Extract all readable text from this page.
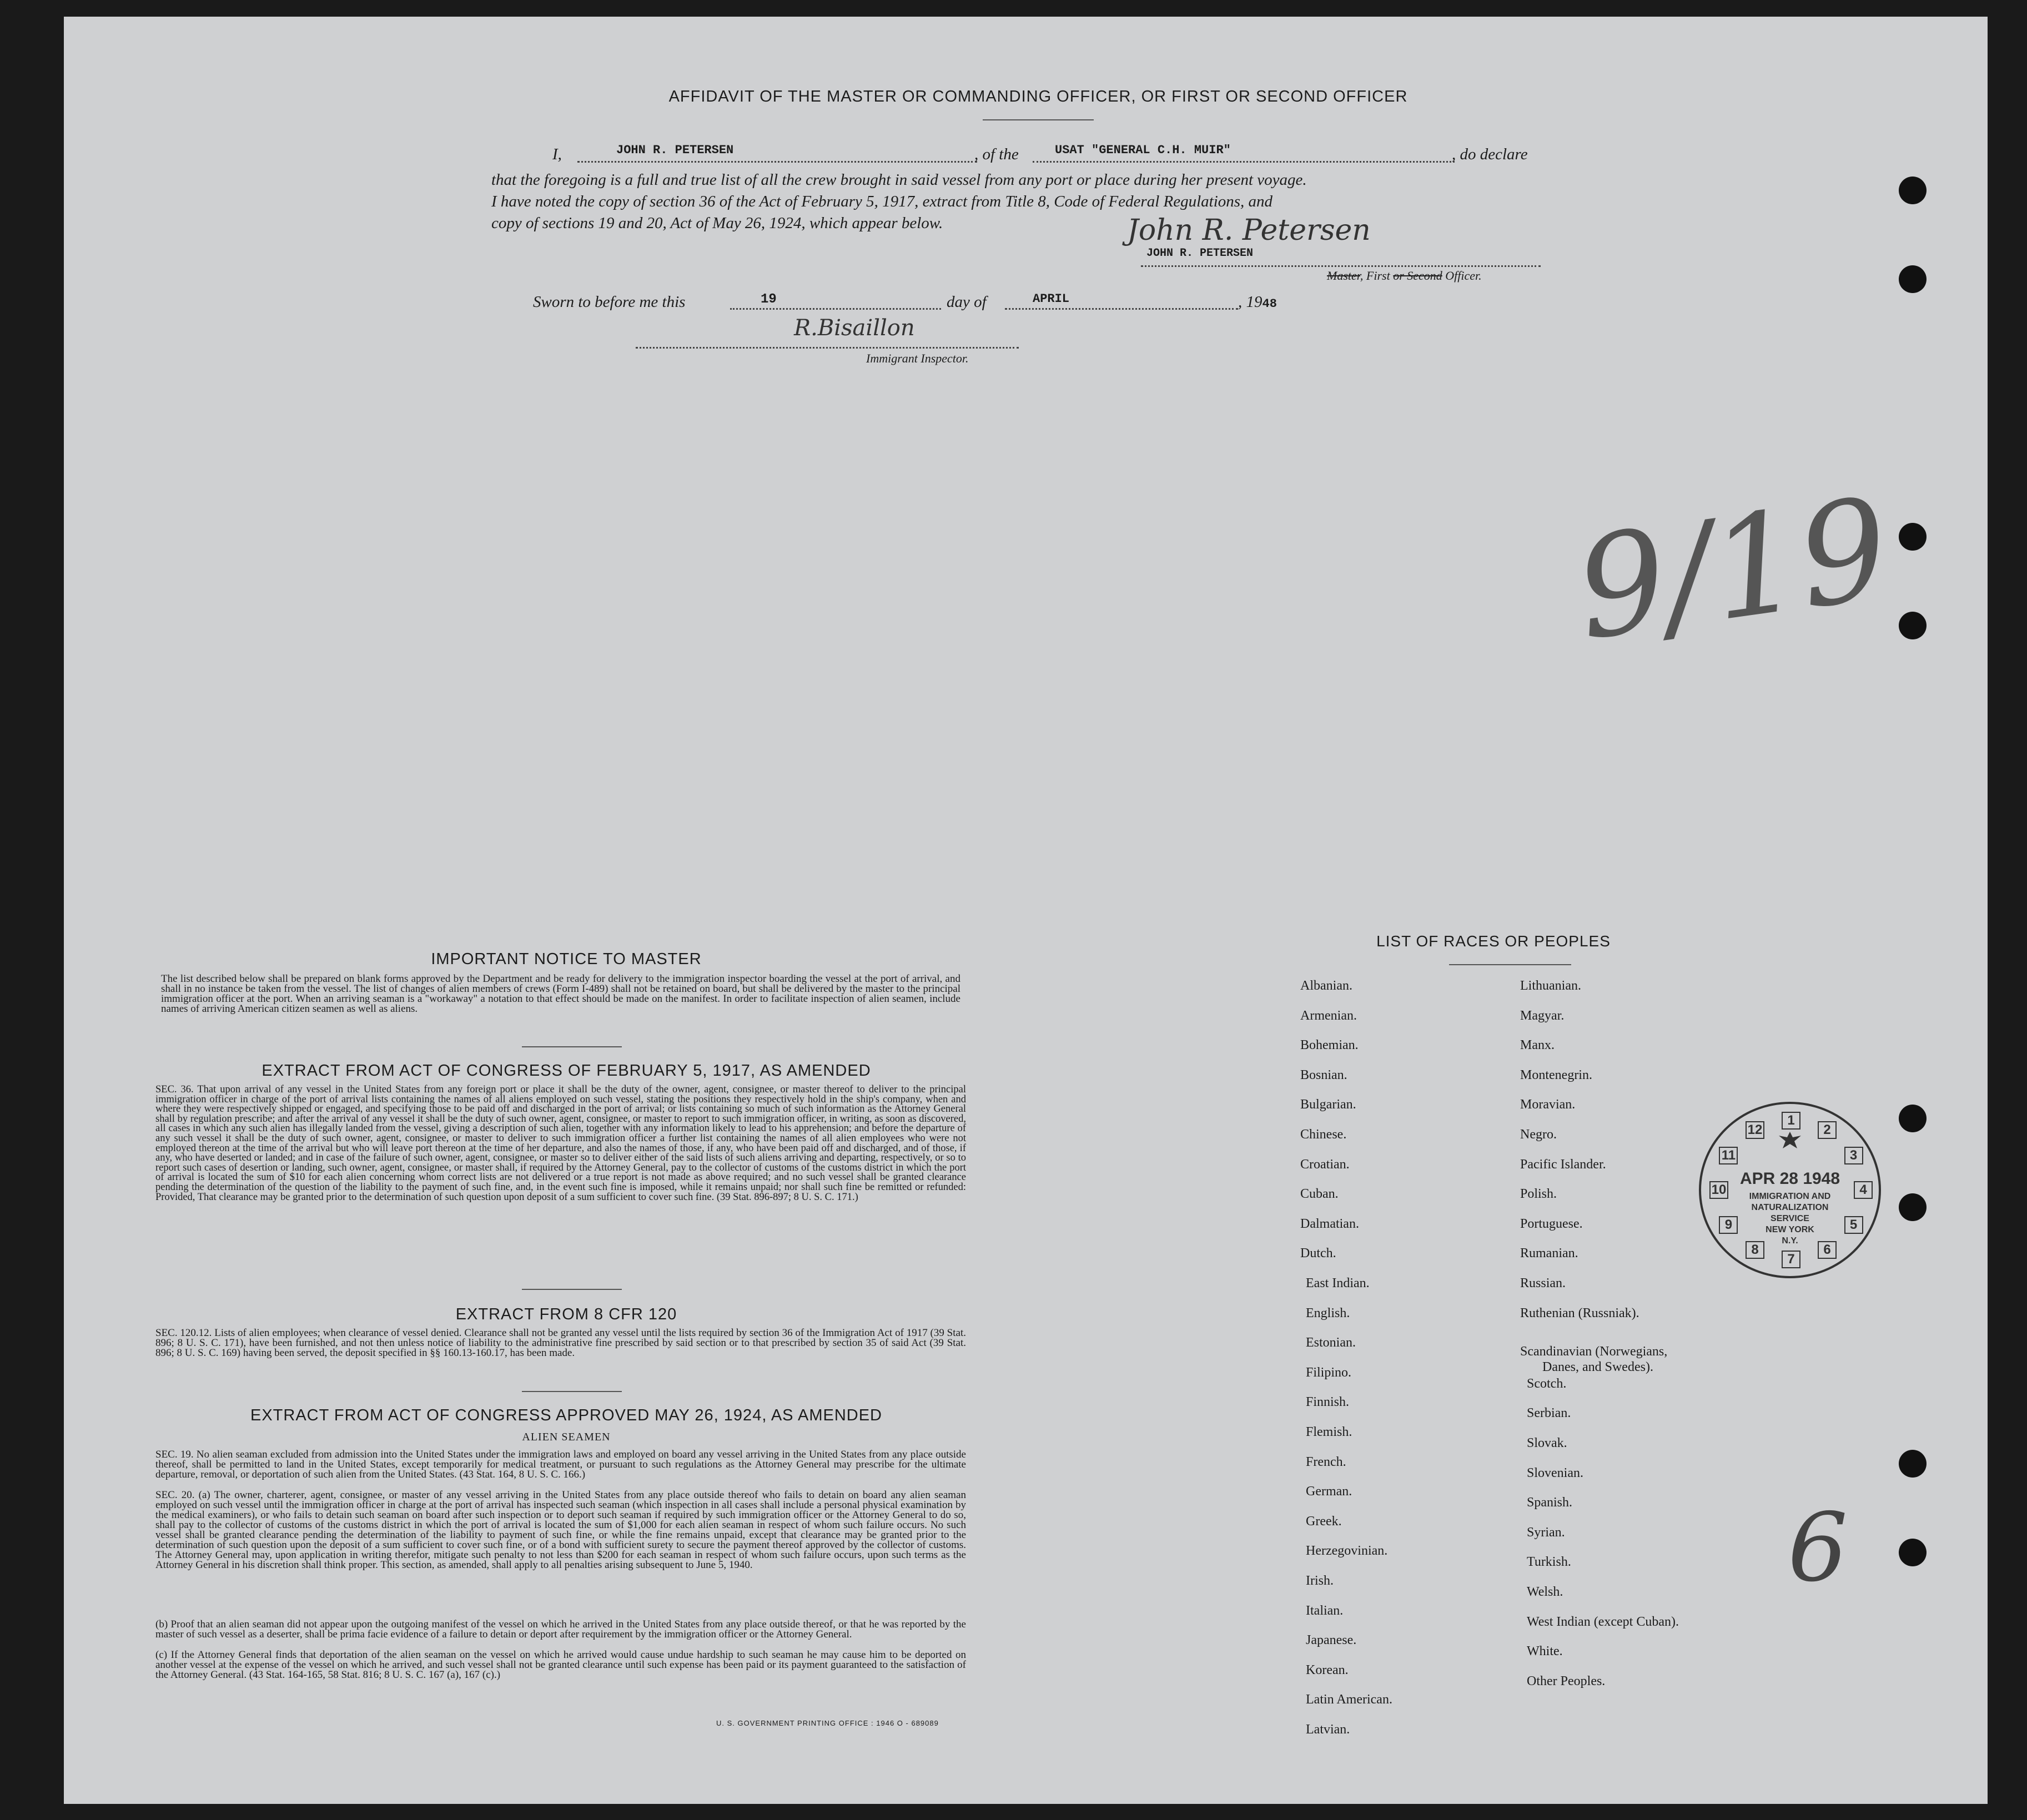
AFFIDAVIT OF THE MASTER OR COMMANDING OFFICER, OR FIRST OR SECOND OFFICER
I,	JOHN R. PETERSEN	, of the	USAT "GENERAL C.H. MUIR"	, do declare
that the foregoing is a full and true list of all the crew brought in said vessel from any port or place during her present voyage.
I have noted the copy of section 36 of the Act of February 5, 1917, extract from Title 8, Code of Federal Regulations, and
copy of sections 19 and 20, Act of May 26, 1924, which appear below.	John R. Petersen
JOHN R. PETERSEN
Master, First or Second Officer.
Sworn to before me this	19	day of	APRIL	, 1948
R.Bisaillon
Immigrant Inspector.
9/19
6
IMPORTANT NOTICE TO MASTER
The list described below shall be prepared on blank forms approved by the Department and be ready for delivery to the immigration inspector boarding the vessel at the port of arrival, and shall in no instance be taken from the vessel. The list of changes of alien members of crews (Form I-489) shall not be retained on board, but shall be delivered by the master to the principal immigration officer at the port. When an arriving seaman is a "workaway" a notation to that effect should be made on the manifest. In order to facilitate inspection of alien seamen, include names of arriving American citizen seamen as well as aliens.
EXTRACT FROM ACT OF CONGRESS OF FEBRUARY 5, 1917, AS AMENDED
SEC. 36. That upon arrival of any vessel in the United States from any foreign port or place it shall be the duty of the owner, agent, consignee, or master thereof to deliver to the principal immigration officer in charge of the port of arrival lists containing the names of all aliens employed on such vessel, stating the positions they respectively hold in the ship's company, when and where they were respectively shipped or engaged, and specifying those to be paid off and discharged in the port of arrival; or lists containing so much of such information as the Attorney General shall by regulation prescribe; and after the arrival of any vessel it shall be the duty of such owner, agent, consignee, or master to report to such immigration officer, in writing, as soon as discovered, all cases in which any such alien has illegally landed from the vessel, giving a description of such alien, together with any information likely to lead to his apprehension; and before the departure of any such vessel it shall be the duty of such owner, agent, consignee, or master to deliver to such immigration officer a further list containing the names of all alien employees who were not employed thereon at the time of the arrival but who will leave port thereon at the time of her departure, and also the names of those, if any, who have been paid off and discharged, and of those, if any, who have deserted or landed; and in case of the failure of such owner, agent, consignee, or master so to deliver either of the said lists of such aliens arriving and departing, respectively, or so to report such cases of desertion or landing, such owner, agent, consignee, or master shall, if required by the Attorney General, pay to the collector of customs of the customs district in which the port of arrival is located the sum of $10 for each alien concerning whom correct lists are not delivered or a true report is not made as above required; and no such vessel shall be granted clearance pending the determination of the question of the liability to the payment of such fine, and, in the event such fine is imposed, while it remains unpaid; nor shall such fine be remitted or refunded: Provided, That clearance may be granted prior to the determination of such question upon deposit of a sum sufficient to cover such fine. (39 Stat. 896-897; 8 U. S. C. 171.)
EXTRACT FROM 8 CFR 120
SEC. 120.12. Lists of alien employees; when clearance of vessel denied. Clearance shall not be granted any vessel until the lists required by section 36 of the Immigration Act of 1917 (39 Stat. 896; 8 U. S. C. 171), have been furnished, and not then unless notice of liability to the administrative fine prescribed by said section or to that prescribed by section 35 of said Act (39 Stat. 896; 8 U. S. C. 169) having been served, the deposit specified in §§ 160.13-160.17, has been made.
EXTRACT FROM ACT OF CONGRESS APPROVED MAY 26, 1924, AS AMENDED
ALIEN SEAMEN
SEC. 19. No alien seaman excluded from admission into the United States under the immigration laws and employed on board any vessel arriving in the United States from any place outside thereof, shall be permitted to land in the United States, except temporarily for medical treatment, or pursuant to such regulations as the Attorney General may prescribe for the ultimate departure, removal, or deportation of such alien from the United States. (43 Stat. 164, 8 U. S. C. 166.)
SEC. 20. (a) The owner, charterer, agent, consignee, or master of any vessel arriving in the United States from any place outside thereof who fails to detain on board any alien seaman employed on such vessel until the immigration officer in charge at the port of arrival has inspected such seaman (which inspection in all cases shall include a personal physical examination by the medical examiners), or who fails to detain such seaman on board after such inspection or to deport such seaman if required by such immigration officer or the Attorney General to do so, shall pay to the collector of customs of the customs district in which the port of arrival is located the sum of $1,000 for each alien seaman in respect of whom such failure occurs. No such vessel shall be granted clearance pending the determination of the liability to payment of such fine, or while the fine remains unpaid, except that clearance may be granted prior to the determination of such question upon the deposit of a sum sufficient to cover such fine, or of a bond with sufficient surety to secure the payment thereof approved by the collector of customs. The Attorney General may, upon application in writing therefor, mitigate such penalty to not less than $200 for each seaman in respect of whom such failure occurs, upon such terms as the Attorney General in his discretion shall think proper. This section, as amended, shall apply to all penalties arising subsequent to June 5, 1940.
(b) Proof that an alien seaman did not appear upon the outgoing manifest of the vessel on which he arrived in the United States from any place outside thereof, or that he was reported by the master of such vessel as a deserter, shall be prima facie evidence of a failure to detain or deport after requirement by the immigration officer or the Attorney General.
(c) If the Attorney General finds that deportation of the alien seaman on the vessel on which he arrived would cause undue hardship to such seaman he may cause him to be deported on another vessel at the expense of the vessel on which he arrived, and such vessel shall not be granted clearance until such expense has been paid or its payment guaranteed to the satisfaction of the Attorney General. (43 Stat. 164-165, 58 Stat. 816; 8 U. S. C. 167 (a), 167 (c).)
U. S. GOVERNMENT PRINTING OFFICE : 1946 O - 689089
LIST OF RACES OR PEOPLES
APR 28 1948
IMMIGRATION AND
NATURALIZATION
SERVICE
NEW YORK
N.Y.
1
2
3
4
5
6
7
8
9
10
11
12
Albanian.
Armenian.
Bohemian.
Bosnian.
Bulgarian.
Chinese.
Croatian.
Cuban.
Dalmatian.
Dutch.
East Indian.
English.
Estonian.
Filipino.
Finnish.
Flemish.
French.
German.
Greek.
Herzegovinian.
Irish.
Italian.
Japanese.
Korean.
Latin American.
Latvian.
Lithuanian.
Magyar.
Manx.
Montenegrin.
Moravian.
Negro.
Pacific Islander.
Polish.
Portuguese.
Rumanian.
Russian.
Ruthenian (Russniak).
Scandinavian (Norwegians,
Danes, and Swedes).
Scotch.
Serbian.
Slovak.
Slovenian.
Spanish.
Syrian.
Turkish.
Welsh.
West Indian (except Cuban).
White.
Other Peoples.
